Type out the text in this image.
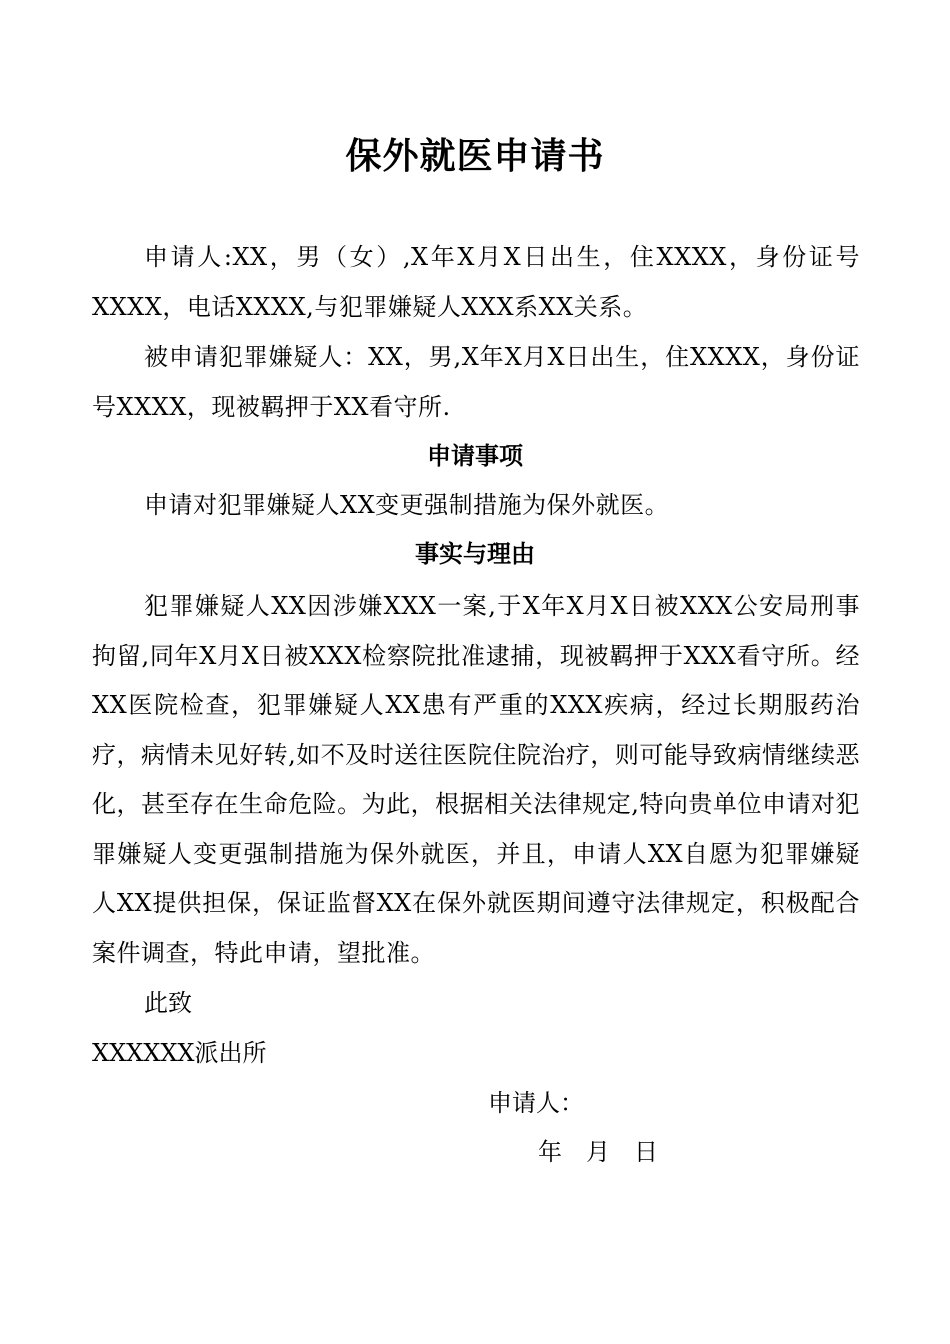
保外就医申请书
申请人:XX，男（女）,X年X月X日出生，住XXXX，身份证号XXXX，电话XXXX,与犯罪嫌疑人XXX系XX关系。
被申请犯罪嫌疑人：XX，男,X年X月X日出生，住XXXX，身份证号XXXX，现被羁押于XX看守所.
申请事项
申请对犯罪嫌疑人XX变更强制措施为保外就医。
事实与理由
犯罪嫌疑人XX因涉嫌XXX一案,于X年X月X日被XXX公安局刑事拘留,同年X月X日被XXX检察院批准逮捕，现被羁押于XXX看守所。经XX医院检查，犯罪嫌疑人XX患有严重的XXX疾病，经过长期服药治疗，病情未见好转,如不及时送往医院住院治疗，则可能导致病情继续恶化，甚至存在生命危险。为此，根据相关法律规定,特向贵单位申请对犯罪嫌疑人变更强制措施为保外就医，并且，申请人XX自愿为犯罪嫌疑人XX提供担保，保证监督XX在保外就医期间遵守法律规定，积极配合案件调查，特此申请，望批准。
此致
XXXXXX派出所
申请人：
年　月　日
